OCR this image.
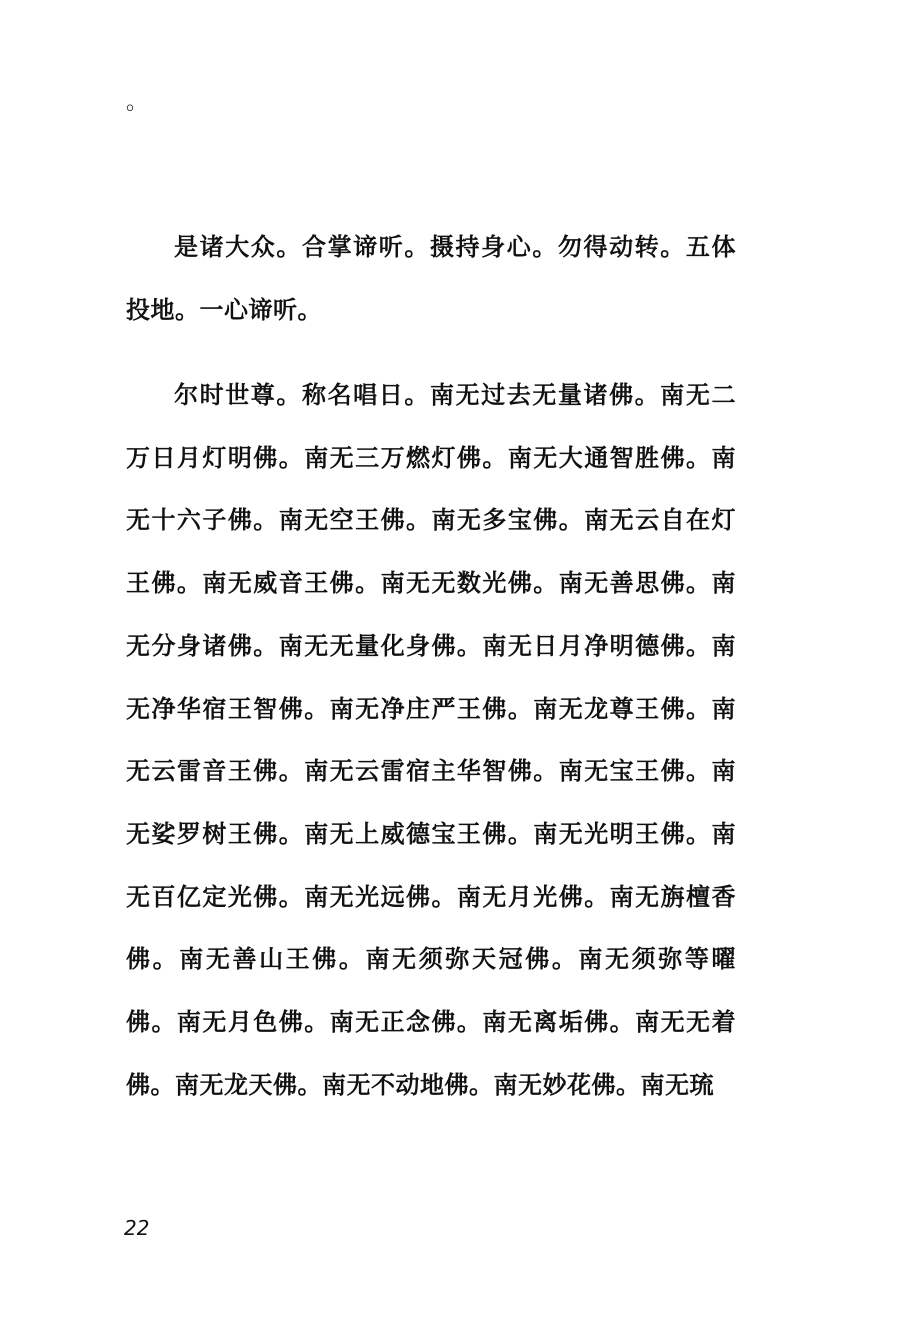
。

是诸大众。合掌谛听。摄持身心。勿得动转。五体投地。一心谛听。

尔时世尊。称名唱日。南无过去无量诸佛。南无二万日月灯明佛。南无三万燃灯佛。南无大通智胜佛。南无十六子佛。南无空王佛。南无多宝佛。南无云自在灯王佛。南无威音王佛。南无无数光佛。南无善思佛。南无分身诸佛。南无无量化身佛。南无日月净明德佛。南无净华宿王智佛。南无净庄严王佛。南无龙尊王佛。南无云雷音王佛。南无云雷宿主华智佛。南无宝王佛。南无娑罗树王佛。南无上威德宝王佛。南无光明王佛。南无百亿定光佛。南无光远佛。南无月光佛。南无旃檀香佛。南无善山王佛。南无须弥天冠佛。南无须弥等曜佛。南无月色佛。南无正念佛。南无离垢佛。南无无着佛。南无龙天佛。南无不动地佛。南无妙花佛。南无琉

22
